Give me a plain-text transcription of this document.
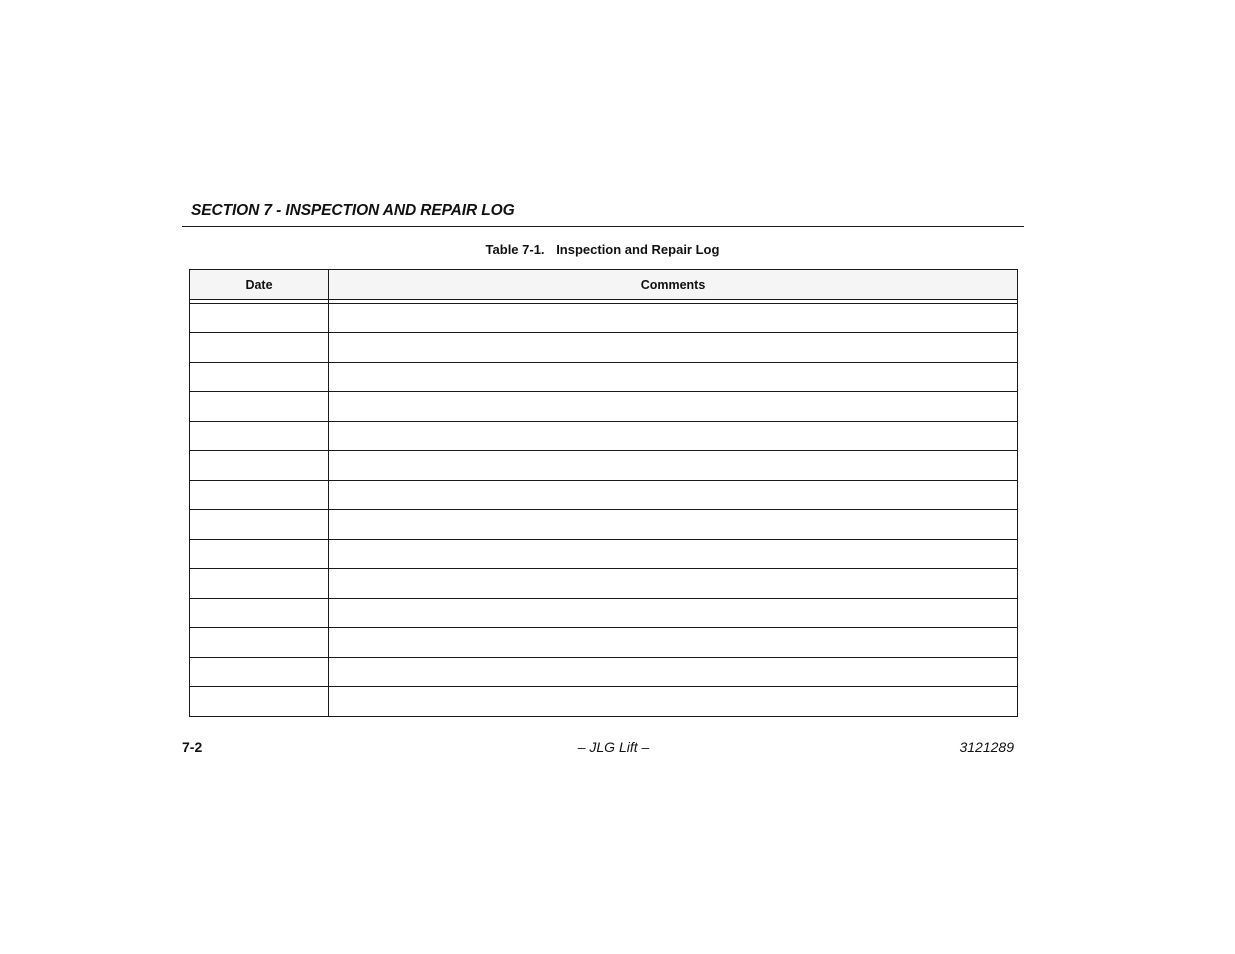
SECTION 7 - INSPECTION AND REPAIR LOG
Table 7-1. Inspection and Repair Log
Date	Comments
7-2	– JLG Lift –	3121289
